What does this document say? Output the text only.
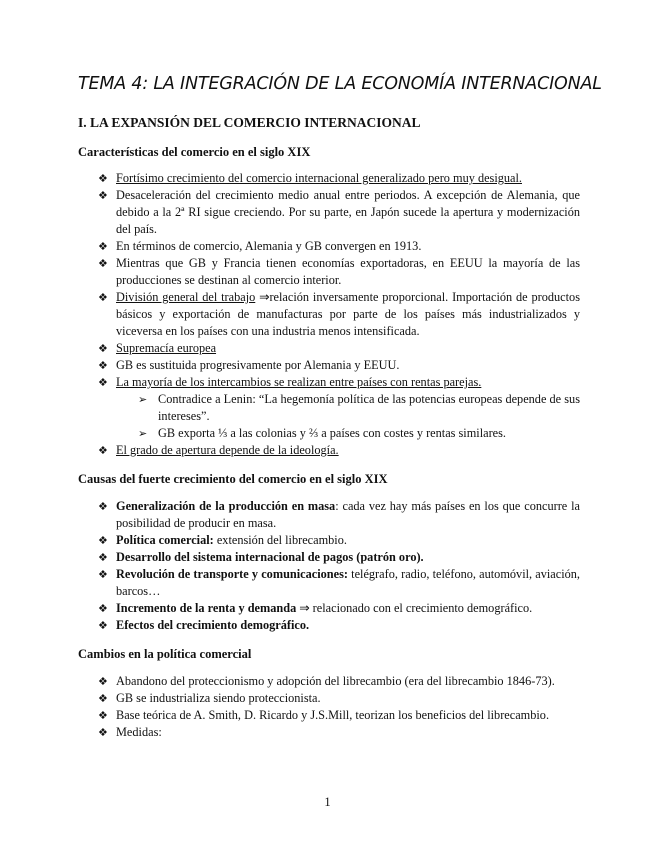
TEMA 4: LA INTEGRACIÓN DE LA ECONOMÍA INTERNACIONAL
I. LA EXPANSIÓN DEL COMERCIO INTERNACIONAL
Características del comercio en el siglo XIX
❖ Fortísimo crecimiento del comercio internacional generalizado pero muy desigual.
❖ Desaceleración del crecimiento medio anual entre periodos. A excepción de Alemania, que debido a la 2ª RI sigue creciendo. Por su parte, en Japón sucede la apertura y modernización del país.
❖ En términos de comercio, Alemania y GB convergen en 1913.
❖ Mientras que GB y Francia tienen economías exportadoras, en EEUU la mayoría de las producciones se destinan al comercio interior.
❖ División general del trabajo ⇒relación inversamente proporcional. Importación de productos básicos y exportación de manufacturas por parte de los países más industrializados y viceversa en los países con una industria menos intensificada.
❖ Supremacía europea
❖ GB es sustituida progresivamente por Alemania y EEUU.
❖ La mayoría de los intercambios se realizan entre países con rentas parejas.
➢ Contradice a Lenin: “La hegemonía política de las potencias europeas depende de sus intereses”.
➢ GB exporta ⅓ a las colonias y ⅔ a países con costes y rentas similares.
❖ El grado de apertura depende de la ideología.
Causas del fuerte crecimiento del comercio en el siglo XIX
❖ Generalización de la producción en masa: cada vez hay más países en los que concurre la posibilidad de producir en masa.
❖ Política comercial: extensión del librecambio.
❖ Desarrollo del sistema internacional de pagos (patrón oro).
❖ Revolución de transporte y comunicaciones: telégrafo, radio, teléfono, automóvil, aviación, barcos…
❖ Incremento de la renta y demanda ⇒ relacionado con el crecimiento demográfico.
❖ Efectos del crecimiento demográfico.
Cambios en la política comercial
❖ Abandono del proteccionismo y adopción del librecambio (era del librecambio 1846-73).
❖ GB se industrializa siendo proteccionista.
❖ Base teórica de A. Smith, D. Ricardo y J.S.Mill, teorizan los beneficios del librecambio.
❖ Medidas:
1
